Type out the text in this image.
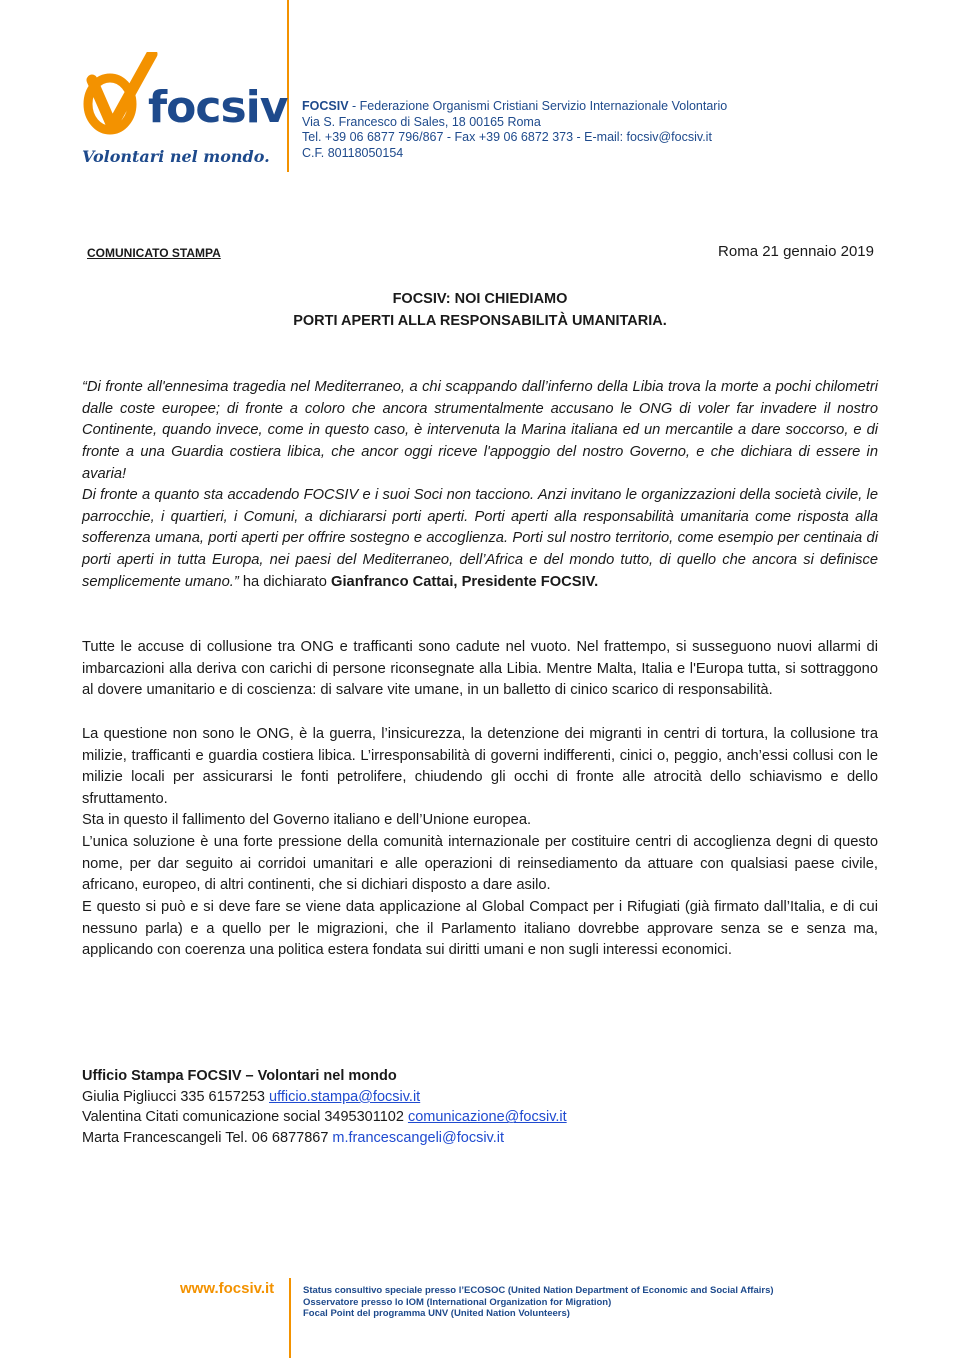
focsiv
Volontari nel mondo.
FOCSIV - Federazione Organismi Cristiani Servizio Internazionale Volontario
Via S. Francesco di Sales, 18 00165 Roma
Tel. +39 06 6877 796/867 - Fax +39 06 6872 373 - E-mail: focsiv@focsiv.it
C.F. 80118050154
COMUNICATO STAMPA	Roma 21 gennaio 2019
FOCSIV: NOI CHIEDIAMO
PORTI APERTI ALLA RESPONSABILITÀ UMANITARIA.

“Di fronte all'ennesima tragedia nel Mediterraneo, a chi scappando dall’inferno della Libia trova la morte a pochi chilometri dalle coste europee; di fronte a coloro che ancora strumentalmente accusano le ONG di voler far invadere il nostro Continente, quando invece, come in questo caso, è intervenuta la Marina italiana ed un mercantile a dare soccorso, e di fronte a una Guardia costiera libica, che ancor oggi riceve l'appoggio del nostro Governo, e che dichiara di essere in avaria!

Di fronte a quanto sta accadendo FOCSIV e i suoi Soci non tacciono. Anzi invitano le organizzazioni della società civile, le parrocchie, i quartieri, i Comuni, a dichiararsi porti aperti. Porti aperti alla responsabilità umanitaria come risposta alla sofferenza umana, porti aperti per offrire sostegno e accoglienza. Porti sul nostro territorio, come esempio per centinaia di porti aperti in tutta Europa, nei paesi del Mediterraneo, dell’Africa e del mondo tutto, di quello che ancora si definisce semplicemente umano.” ha dichiarato Gianfranco Cattai, Presidente FOCSIV.

Tutte le accuse di collusione tra ONG e trafficanti sono cadute nel vuoto. Nel frattempo, si susseguono nuovi allarmi di imbarcazioni alla deriva con carichi di persone riconsegnate alla Libia. Mentre Malta, Italia e l'Europa tutta, si sottraggono al dovere umanitario e di coscienza: di salvare vite umane, in un balletto di cinico scarico di responsabilità.

La questione non sono le ONG, è la guerra, l’insicurezza, la detenzione dei migranti in centri di tortura, la collusione tra milizie, trafficanti e guardia costiera libica. L’irresponsabilità di governi indifferenti, cinici o, peggio, anch’essi collusi con le milizie locali per assicurarsi le fonti petrolifere, chiudendo gli occhi di fronte alle atrocità dello schiavismo e dello sfruttamento.

Sta in questo il fallimento del Governo italiano e dell’Unione europea.

L’unica soluzione è una forte pressione della comunità internazionale per costituire centri di accoglienza degni di questo nome, per dar seguito ai corridoi umanitari e alle operazioni di reinsediamento da attuare con qualsiasi paese civile, africano, europeo, di altri continenti, che si dichiari disposto a dare asilo.

E questo si può e si deve fare se viene data applicazione al Global Compact per i Rifugiati (già firmato dall’Italia, e di cui nessuno parla) e a quello per le migrazioni, che il Parlamento italiano dovrebbe approvare senza se e senza ma, applicando con coerenza una politica estera fondata sui diritti umani e non sugli interessi economici.

Ufficio Stampa FOCSIV – Volontari nel mondo
Giulia Pigliucci 335 6157253 ufficio.stampa@focsiv.it
Valentina Citati comunicazione social 3495301102 comunicazione@focsiv.it
Marta Francescangeli Tel. 06 6877867 m.francescangeli@focsiv.it
www.focsiv.it	Status consultivo speciale presso l’ECOSOC (United Nation Department of Economic and Social Affairs)
Osservatore presso lo IOM (International Organization for Migration)
Focal Point del programma UNV (United Nation Volunteers)
